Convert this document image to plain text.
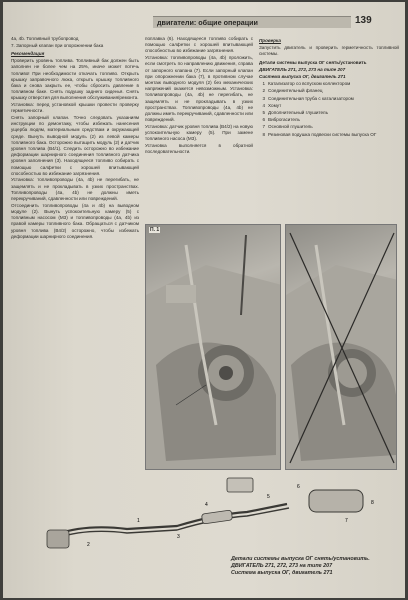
двигатели: общие операции	139

4а, 4b. Топливный трубопровод

7. Запорный клапан при опорожнении бака

Рекомендация

Проверить уровень топлива. Топливный бак должен быть заполнен не более чем на 25%, иначе может потечь топливо! При необходимости откачать топливо. Открыть крышку заправочного люка, открыть крышку топливного бака и снова закрыть ее, чтобы сбросить давление в топливном баке. Снять подушку заднего сиденья. Снять крышку отверстия для выполнения обслуживания/ремонта.

Установка: перед установкой крышки провести проверку герметичности.

Снять запорный клапан. Точно следовать указаниям инструкции по демонтажу, чтобы избежать нанесения ущерба людям, материальным средствам и окружающей среде. Вынуть выводной модуль (2) из левой камеры топливного бака. Осторожно вытащить модуль (2) и датчик уровня топлива (В4/1). Следить осторожно во избежание деформации шарнирного соединения топливного датчика уровня заполнения (3). Находящееся топливо собирать с помощью салфетки с хорошей впитывающей способностью во избежание загрязнения.

Установка: топливопроводы (4а, 4b) не перегибать, не защемлять и не прокладывать в узких пространствах. Топливопроводы (4а, 4b) не должны иметь перекручиваний, сдавленности или повреждений.

Отсоединить топливопроводы (4а и 4b) на выводном модуле (2). Вынуть успокоительную камеру (5) с топливным насосом (М3) и топливопроводы (4а, 4b) из правой камеры топливного бака. Обращаться с датчиком уровня топлива (В4/2) осторожно, чтобы избежать деформации шарнирного соединения.

поплавка (6). Находящееся топливо собирать с помощью салфетки с хорошей впитывающей способностью во избежание загрязнения.

Установка: топливопроводы (4а, 4b) проложить, если смотреть по направлению движения, справа от запорного клапана (7). Если запорный клапан при опорожнении бака (7), в противном случае монтаж выводного модуля (2) без механических напряжений окажется невозможным. Установка: топливопроводы (4а, 4b) не перегибать, не защемлять и не прокладывать в узких пространствах. Топливопроводы (4а, 4b) не должны иметь перекручиваний, сдавленности или повреждений.

Установка: датчик уровня топлива (В4/2) на новую успокоительную камеру (5). При замене топливного насоса (М3).

Установка выполняется в обратной последовательности.

Проверка

Запустить двигатель и проверить герметичность топливной системы.

Детали системы выпуска ОГ снять/установить
ДВИГАТЕЛЬ 271, 272, 273 на типе 207
Система выпуска ОГ, двигатель 271
1 Катализатор со вспуском коллектором
2 Соединительный фланец
3 Соединительная труба с катализатором
4 Хомут
5 Дополнительный глушитель
6 Виброгаситель
7 Основной глушитель
8 Резиновая подушка подвески системы выпуска ОГ
П. 1
1
2
3
4
5
6
7
8
Детали системы выпуска ОГ снять/установить.
ДВИГАТЕЛЬ 271, 272, 273 на типе 207
Система выпуска ОГ, двигатель 271
